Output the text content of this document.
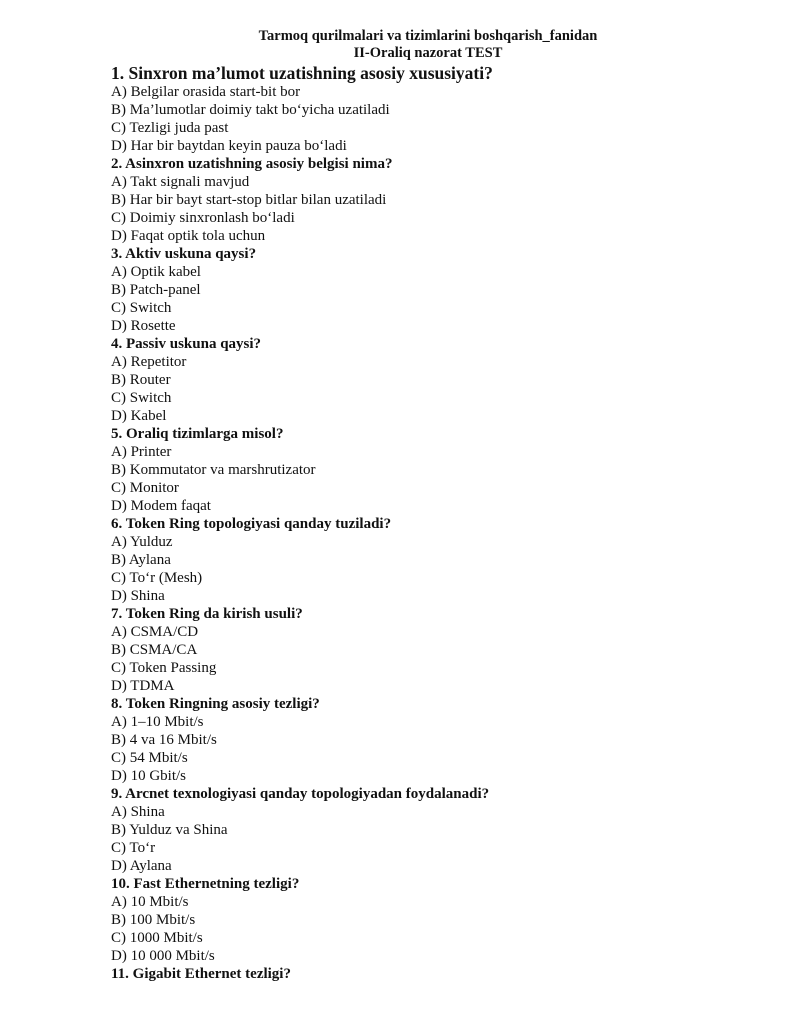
Tarmoq qurilmalari va tizimlarini boshqarish_fanidan
II-Oraliq nazorat TEST
1. Sinxron ma’lumot uzatishning asosiy xususiyati?
A) Belgilar orasida start-bit bor
B) Ma’lumotlar doimiy takt bo‘yicha uzatiladi
C) Tezligi juda past
D) Har bir baytdan keyin pauza bo‘ladi
2. Asinxron uzatishning asosiy belgisi nima?
A) Takt signali mavjud
B) Har bir bayt start-stop bitlar bilan uzatiladi
C) Doimiy sinxronlash bo‘ladi
D) Faqat optik tola uchun
3. Aktiv uskuna qaysi?
A) Optik kabel
B) Patch-panel
C) Switch
D) Rosette
4. Passiv uskuna qaysi?
A) Repetitor
B) Router
C) Switch
D) Kabel
5. Oraliq tizimlarga misol?
A) Printer
B) Kommutator va marshrutizator
C) Monitor
D) Modem faqat
6. Token Ring topologiyasi qanday tuziladi?
A) Yulduz
B) Aylana
C) To‘r (Mesh)
D) Shina
7. Token Ring da kirish usuli?
A) CSMA/CD
B) CSMA/CA
C) Token Passing
D) TDMA
8. Token Ringning asosiy tezligi?
A) 1–10 Mbit/s
B) 4 va 16 Mbit/s
C) 54 Mbit/s
D) 10 Gbit/s
9. Arcnet texnologiyasi qanday topologiyadan foydalanadi?
A) Shina
B) Yulduz va Shina
C) To‘r
D) Aylana
10. Fast Ethernetning tezligi?
A) 10 Mbit/s
B) 100 Mbit/s
C) 1000 Mbit/s
D) 10 000 Mbit/s
11. Gigabit Ethernet tezligi?
